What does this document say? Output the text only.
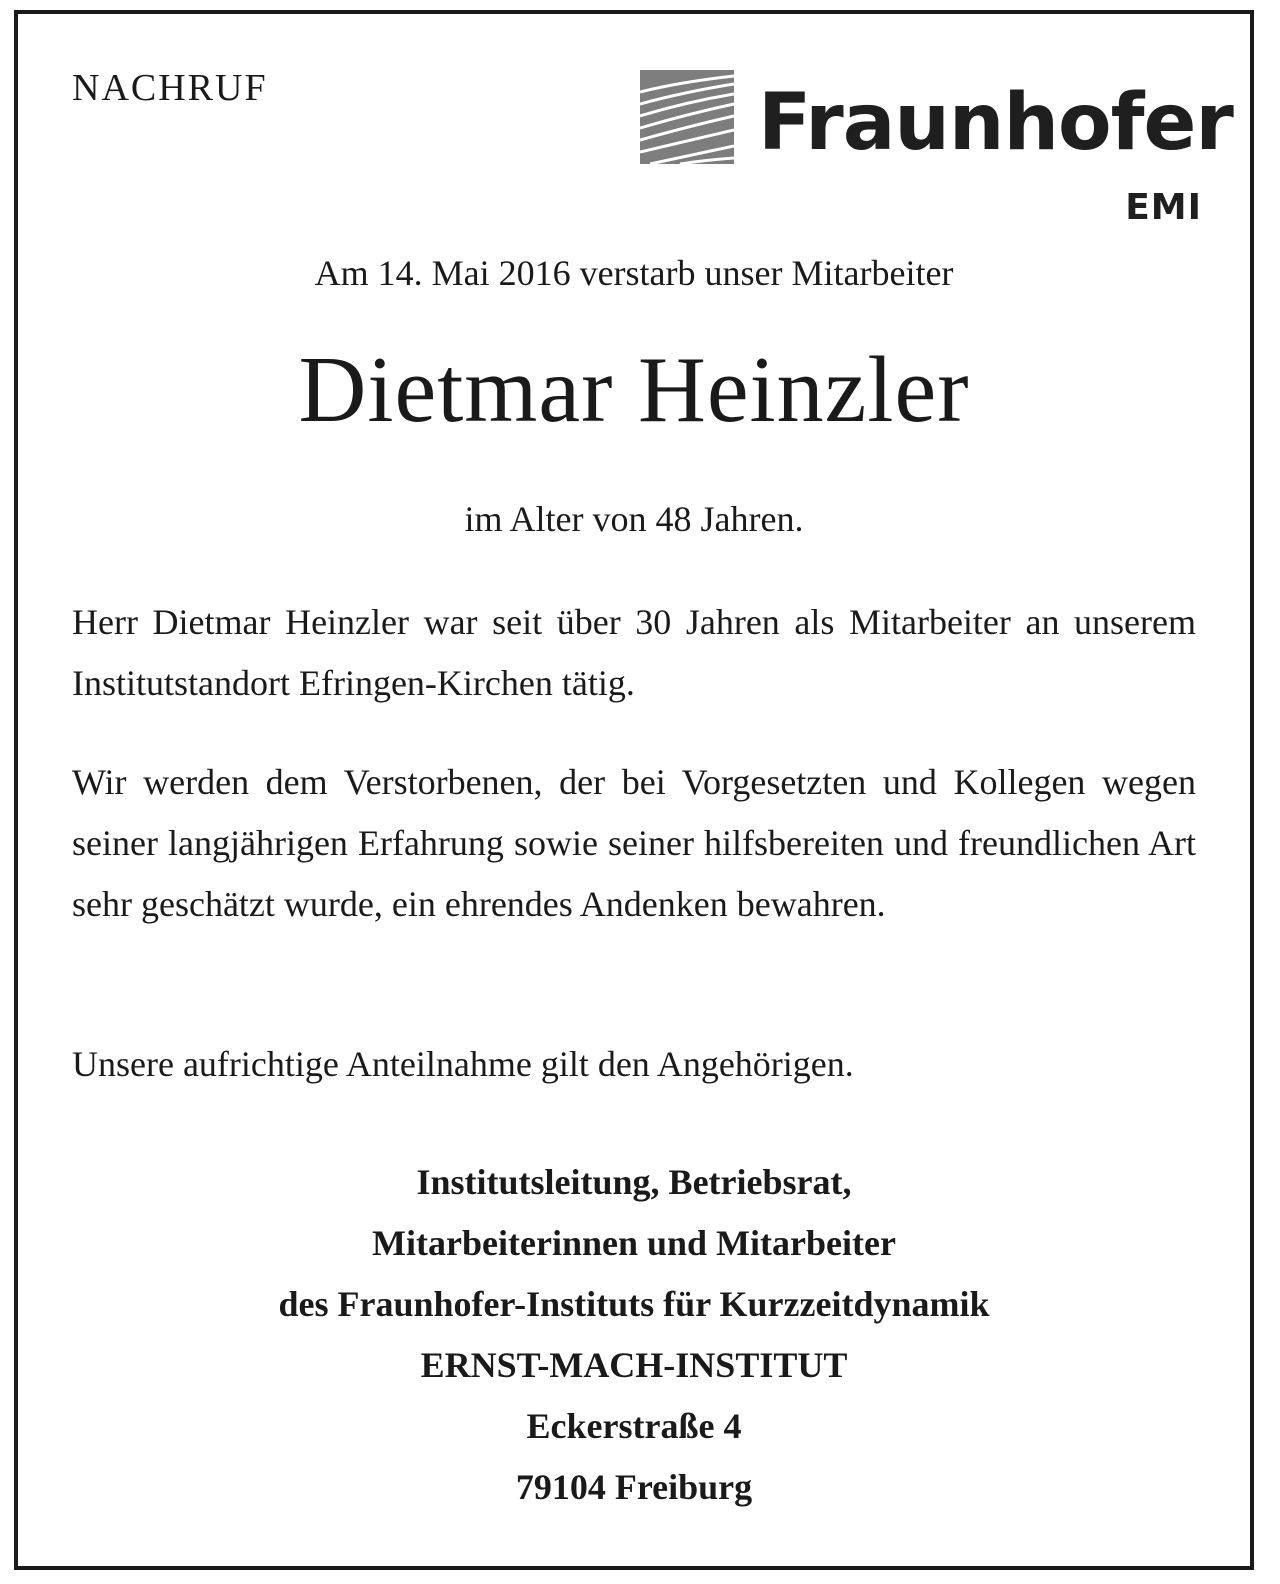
NACHRUF	Fraunhofer
EMI

Am 14. Mai 2016 verstarb unser Mitarbeiter

Dietmar Heinzler

im Alter von 48 Jahren.

Herr Dietmar Heinzler war seit über 30 Jahren als Mitarbeiter an unserem Institutstandort Efringen-Kirchen tätig.

Wir werden dem Verstorbenen, der bei Vorgesetzten und Kollegen wegen seiner langjährigen Erfahrung sowie seiner hilfsbereiten und freundlichen Art sehr geschätzt wurde, ein ehrendes Andenken bewahren.

Unsere aufrichtige Anteilnahme gilt den Angehörigen.

Institutsleitung, Betriebsrat,
Mitarbeiterinnen und Mitarbeiter
des Fraunhofer-Instituts für Kurzzeitdynamik
ERNST-MACH-INSTITUT
Eckerstraße 4
79104 Freiburg
